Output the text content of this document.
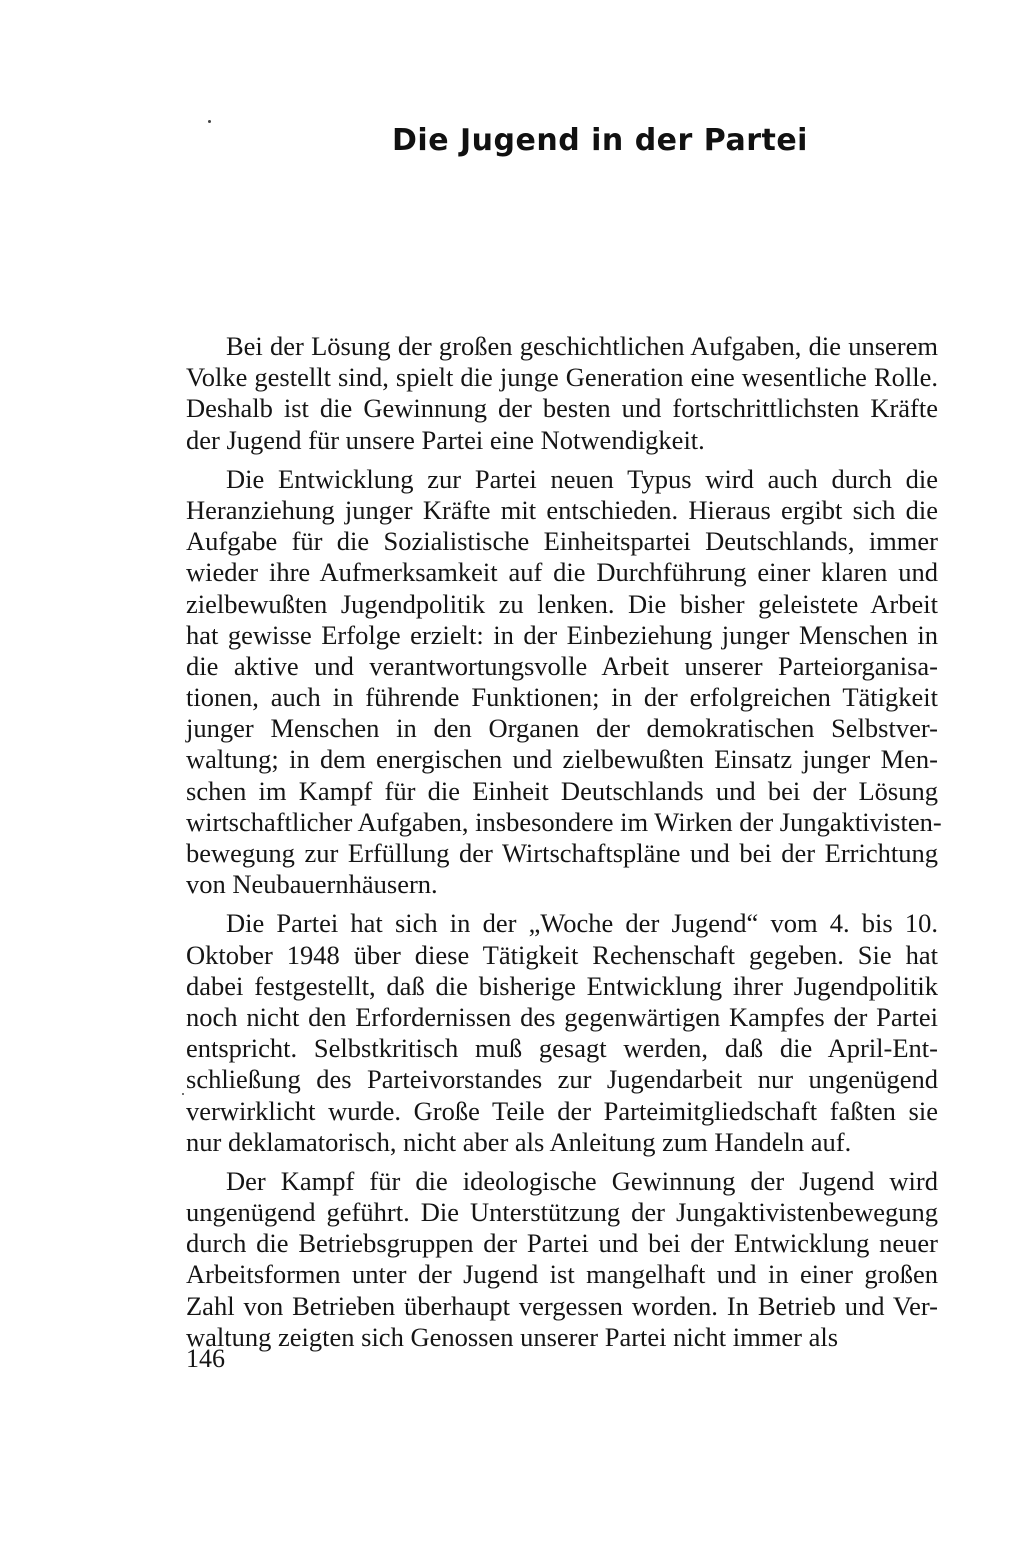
Die Jugend in der Partei
Bei der Lösung der großen geschichtlichen Aufgaben, die unserem
Volke gestellt sind, spielt die junge Generation eine wesentliche Rolle.
Deshalb ist die Gewinnung der besten und fortschrittlichsten Kräfte
der Jugend für unsere Partei eine Notwendigkeit.
Die Entwicklung zur Partei neuen Typus wird auch durch die
Heranziehung junger Kräfte mit entschieden. Hieraus ergibt sich die
Aufgabe für die Sozialistische Einheitspartei Deutschlands, immer
wieder ihre Aufmerksamkeit auf die Durchführung einer klaren und
zielbewußten Jugendpolitik zu lenken. Die bisher geleistete Arbeit
hat gewisse Erfolge erzielt: in der Einbeziehung junger Menschen in
die aktive und verantwortungsvolle Arbeit unserer Parteiorganisa-
tionen, auch in führende Funktionen; in der erfolgreichen Tätigkeit
junger Menschen in den Organen der demokratischen Selbstver-
waltung; in dem energischen und zielbewußten Einsatz junger Men-
schen im Kampf für die Einheit Deutschlands und bei der Lösung
wirtschaftlicher Aufgaben, insbesondere im Wirken der Jungaktivisten-
bewegung zur Erfüllung der Wirtschaftspläne und bei der Errichtung
von Neubauernhäusern.
Die Partei hat sich in der „Woche der Jugend“ vom 4. bis 10.
Oktober 1948 über diese Tätigkeit Rechenschaft gegeben. Sie hat
dabei festgestellt, daß die bisherige Entwicklung ihrer Jugendpolitik
noch nicht den Erfordernissen des gegenwärtigen Kampfes der Partei
entspricht. Selbstkritisch muß gesagt werden, daß die April-Ent-
schließung des Parteivorstandes zur Jugendarbeit nur ungenügend
verwirklicht wurde. Große Teile der Parteimitgliedschaft faßten sie
nur deklamatorisch, nicht aber als Anleitung zum Handeln auf.
Der Kampf für die ideologische Gewinnung der Jugend wird
ungenügend geführt. Die Unterstützung der Jungaktivistenbewegung
durch die Betriebsgruppen der Partei und bei der Entwicklung neuer
Arbeitsformen unter der Jugend ist mangelhaft und in einer großen
Zahl von Betrieben überhaupt vergessen worden. In Betrieb und Ver-
waltung zeigten sich Genossen unserer Partei nicht immer als
146
